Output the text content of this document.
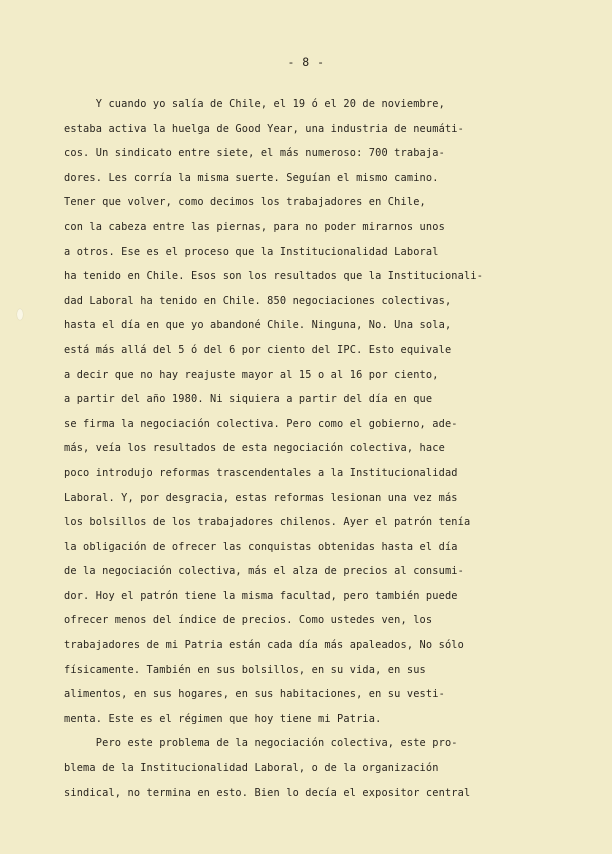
- 8 -
Y cuando yo salía de Chile, el 19 ó el 20 de noviembre,
estaba activa la huelga de Good Year, una industria de neumáti-
cos. Un sindicato entre siete, el más numeroso: 700 trabaja-
dores. Les corría la misma suerte. Seguían el mismo camino.
Tener que volver, como decimos los trabajadores en Chile,
con la cabeza entre las piernas, para no poder mirarnos unos
a otros. Ese es el proceso que la Institucionalidad Laboral
ha tenido en Chile. Esos son los resultados que la Institucionali-
dad Laboral ha tenido en Chile. 850 negociaciones colectivas,
hasta el día en que yo abandoné Chile. Ninguna, No. Una sola,
está más allá del 5 ó del 6 por ciento del IPC. Esto equivale
a decir que no hay reajuste mayor al 15 o al 16 por ciento,
a partir del año 1980. Ni siquiera a partir del día en que
se firma la negociación colectiva. Pero como el gobierno, ade-
más, veía los resultados de esta negociación colectiva, hace
poco introdujo reformas trascendentales a la Institucionalidad
Laboral. Y, por desgracia, estas reformas lesionan una vez más
los bolsillos de los trabajadores chilenos. Ayer el patrón tenía
la obligación de ofrecer las conquistas obtenidas hasta el día
de la negociación colectiva, más el alza de precios al consumi-
dor. Hoy el patrón tiene la misma facultad, pero también puede
ofrecer menos del índice de precios. Como ustedes ven, los
trabajadores de mi Patria están cada día más apaleados, No sólo
físicamente. También en sus bolsillos, en su vida, en sus
alimentos, en sus hogares, en sus habitaciones, en su vesti-
menta. Este es el régimen que hoy tiene mi Patria.
Pero este problema de la negociación colectiva, este pro-
blema de la Institucionalidad Laboral, o de la organización
sindical, no termina en esto. Bien lo decía el expositor central
